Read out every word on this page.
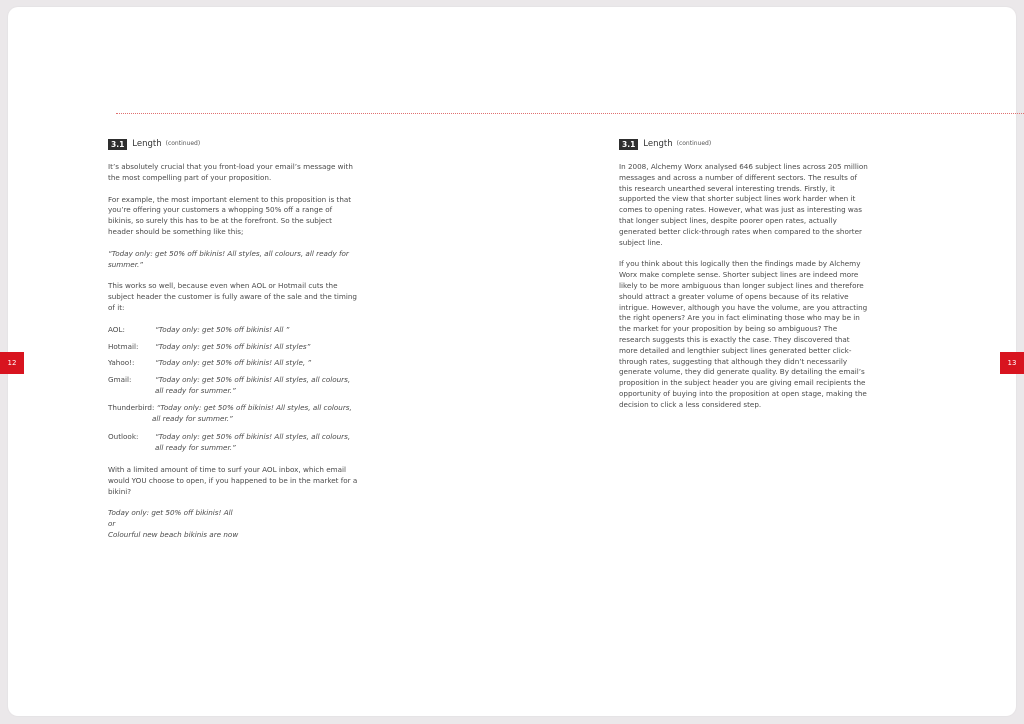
12	13
3.1 Length (continued)

It’s absolutely crucial that you front-load your email’s message with the most compelling part of your proposition.

For example, the most important element to this proposition is that you’re offering your customers a whopping 50% off a range of bikinis, so surely this has to be at the forefront. So the subject header should be something like this;

“Today only: get 50% off bikinis! All styles, all colours, all ready for summer.”

This works so well, because even when AOL or Hotmail cuts the subject header the customer is fully aware of the sale and the timing of it:

AOL:	“Today only: get 50% off bikinis! All ”
Hotmail:	“Today only: get 50% off bikinis! All styles”
Yahoo!:	“Today only: get 50% off bikinis! All style, ”
Gmail:	“Today only: get 50% off bikinis! All styles, all colours, all ready for summer.”
Thunderbird: “Today only: get 50% off bikinis! All styles, all colours,
all ready for summer.”
Outlook:	“Today only: get 50% off bikinis! All styles, all colours, all ready for summer.”

With a limited amount of time to surf your AOL inbox, which email would YOU choose to open, if you happened to be in the market for a bikini?

Today only: get 50% off bikinis! All

or

Colourful new beach bikinis are now

3.1 Length (continued)

In 2008, Alchemy Worx analysed 646 subject lines across 205 million messages and across a number of different sectors. The results of this research unearthed several interesting trends. Firstly, it supported the view that shorter subject lines work harder when it comes to opening rates. However, what was just as interesting was that longer subject lines, despite poorer open rates, actually generated better click-through rates when compared to the shorter subject line.

If you think about this logically then the findings made by Alchemy Worx make complete sense. Shorter subject lines are indeed more likely to be more ambiguous than longer subject lines and therefore should attract a greater volume of opens because of its relative intrigue. However, although you have the volume, are you attracting the right openers? Are you in fact eliminating those who may be in the market for your proposition by being so ambiguous? The research suggests this is exactly the case. They discovered that more detailed and lengthier subject lines generated better click-through rates, suggesting that although they didn’t necessarily generate volume, they did generate quality. By detailing the email’s proposition in the subject header you are giving email recipients the opportunity of buying into the proposition at open stage, making the decision to click a less considered step.
